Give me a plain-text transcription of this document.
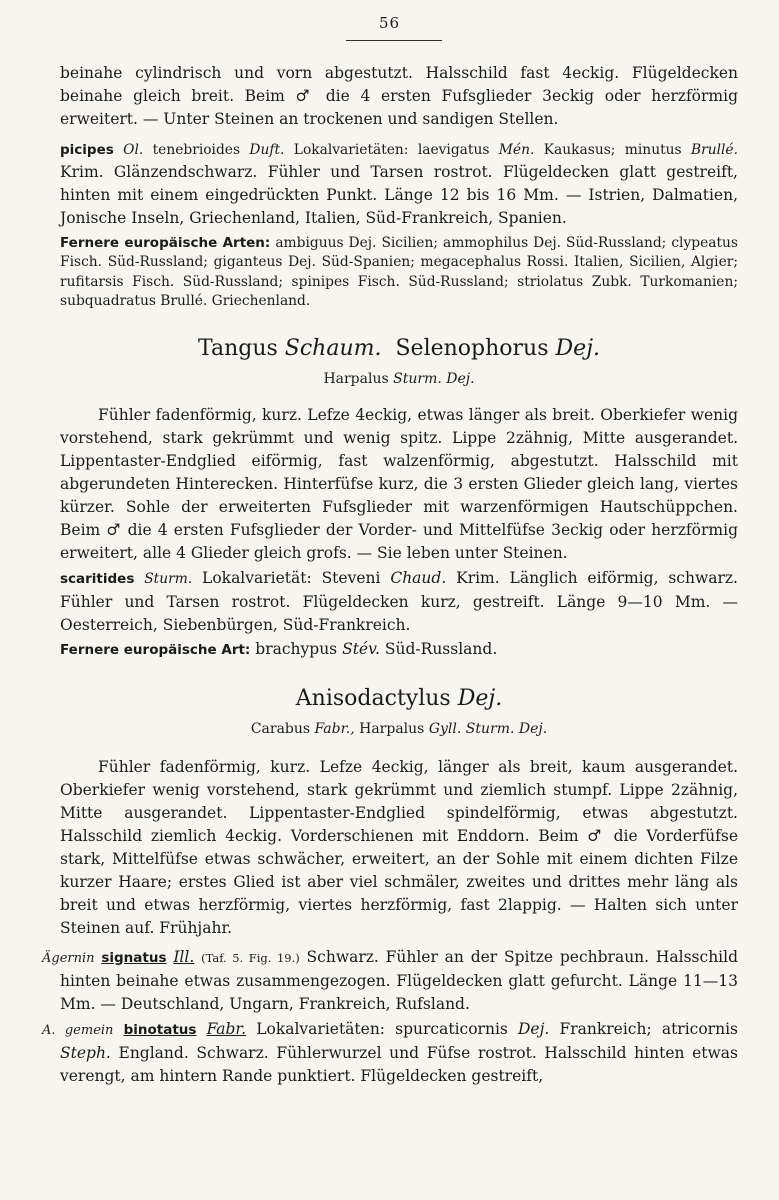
56

beinahe cylindrisch und vorn abgestutzt. Halsschild fast 4eckig. Flügeldecken beinahe gleich breit. Beim ♂ die 4 ersten Fufsglieder 3eckig oder herzförmig erweitert. — Unter Steinen an trockenen und sandigen Stellen.

picipes Ol. tenebrioides Duft. Lokalvarietäten: laevigatus Mén. Kaukasus; minutus Brullé. Krim. Glänzendschwarz. Fühler und Tarsen rostrot. Flügeldecken glatt gestreift, hinten mit einem eingedrückten Punkt. Länge 12 bis 16 Mm. — Istrien, Dalmatien, Jonische Inseln, Griechenland, Italien, Süd-Frankreich, Spanien.

Fernere europäische Arten: ambiguus Dej. Sicilien; ammophilus Dej. Süd-Russland; clypeatus Fisch. Süd-Russland; giganteus Dej. Süd-Spanien; megacephalus Rossi. Italien, Sicilien, Algier; rufitarsis Fisch. Süd-Russland; spinipes Fisch. Süd-Russland; striolatus Zubk. Turkomanien; subquadratus Brullé. Griechenland.

Tangus Schaum. Selenophorus Dej.

Harpalus Sturm. Dej.

Fühler fadenförmig, kurz. Lefze 4eckig, etwas länger als breit. Oberkiefer wenig vorstehend, stark gekrümmt und wenig spitz. Lippe 2zähnig, Mitte ausgerandet. Lippentaster-Endglied eiförmig, fast walzenförmig, abgestutzt. Halsschild mit abgerundeten Hinterecken. Hinterfüfse kurz, die 3 ersten Glieder gleich lang, viertes kürzer. Sohle der erweiterten Fufsglieder mit warzenförmigen Hautschüppchen. Beim ♂ die 4 ersten Fufsglieder der Vorder- und Mittelfüfse 3eckig oder herzförmig erweitert, alle 4 Glieder gleich grofs. — Sie leben unter Steinen.

scaritides Sturm. Lokalvarietät: Steveni Chaud. Krim. Länglich eiförmig, schwarz. Fühler und Tarsen rostrot. Flügeldecken kurz, gestreift. Länge 9—10 Mm. — Oesterreich, Siebenbürgen, Süd-Frankreich.

Fernere europäische Art: brachypus Stév. Süd-Russland.

Anisodactylus Dej.

Carabus Fabr., Harpalus Gyll. Sturm. Dej.

Fühler fadenförmig, kurz. Lefze 4eckig, länger als breit, kaum ausgerandet. Oberkiefer wenig vorstehend, stark gekrümmt und ziemlich stumpf. Lippe 2zähnig, Mitte ausgerandet. Lippentaster-Endglied spindelförmig, etwas abgestutzt. Halsschild ziemlich 4eckig. Vorderschienen mit Enddorn. Beim ♂ die Vorderfüfse stark, Mittelfüfse etwas schwächer, erweitert, an der Sohle mit einem dichten Filze kurzer Haare; erstes Glied ist aber viel schmäler, zweites und drittes mehr läng als breit und etwas herzförmig, viertes herzförmig, fast 2lappig. — Halten sich unter Steinen auf. Frühjahr.

Ägernin signatus Ill. (Taf. 5. Fig. 19.) Schwarz. Fühler an der Spitze pechbraun. Halsschild hinten beinahe etwas zusammengezogen. Flügeldecken glatt gefurcht. Länge 11—13 Mm. — Deutschland, Ungarn, Frankreich, Rufsland.

A. gemein binotatus Fabr. Lokalvarietäten: spurcaticornis Dej. Frankreich; atricornis Steph. England. Schwarz. Fühlerwurzel und Füfse rostrot. Halsschild hinten etwas verengt, am hintern Rande punktiert. Flügeldecken gestreift,
